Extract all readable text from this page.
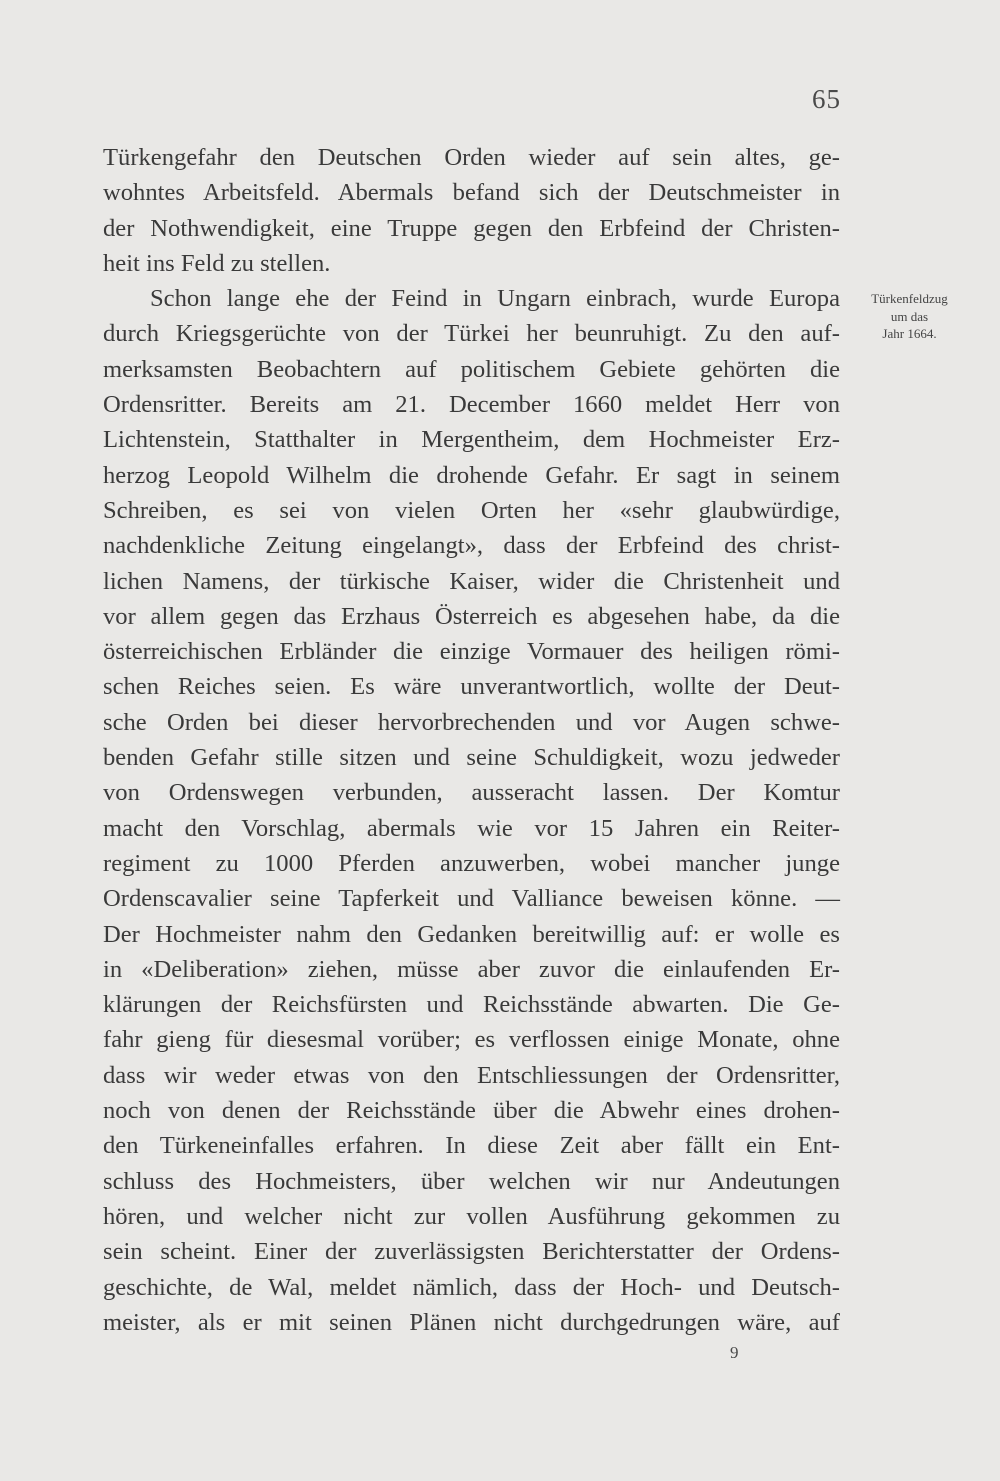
65
Türkenfeldzug
um das
Jahr 1664.
Türkengefahr den Deutschen Orden wieder auf sein altes, ge-
wohntes Arbeitsfeld. Abermals befand sich der Deutschmeister in
der Nothwendigkeit, eine Truppe gegen den Erbfeind der Christen-
heit ins Feld zu stellen.
Schon lange ehe der Feind in Ungarn einbrach, wurde Europa
durch Kriegsgerüchte von der Türkei her beunruhigt. Zu den auf-
merksamsten Beobachtern auf politischem Gebiete gehörten die
Ordensritter. Bereits am 21. December 1660 meldet Herr von
Lichtenstein, Statthalter in Mergentheim, dem Hochmeister Erz-
herzog Leopold Wilhelm die drohende Gefahr. Er sagt in seinem
Schreiben, es sei von vielen Orten her «sehr glaubwürdige,
nachdenkliche Zeitung eingelangt», dass der Erbfeind des christ-
lichen Namens, der türkische Kaiser, wider die Christenheit und
vor allem gegen das Erzhaus Österreich es abgesehen habe, da die
österreichischen Erbländer die einzige Vormauer des heiligen römi-
schen Reiches seien. Es wäre unverantwortlich, wollte der Deut-
sche Orden bei dieser hervorbrechenden und vor Augen schwe-
benden Gefahr stille sitzen und seine Schuldigkeit, wozu jedweder
von Ordenswegen verbunden, ausseracht lassen. Der Komtur
macht den Vorschlag, abermals wie vor 15 Jahren ein Reiter-
regiment zu 1000 Pferden anzuwerben, wobei mancher junge
Ordenscavalier seine Tapferkeit und Valliance beweisen könne. —
Der Hochmeister nahm den Gedanken bereitwillig auf: er wolle es
in «Deliberation» ziehen, müsse aber zuvor die einlaufenden Er-
klärungen der Reichsfürsten und Reichsstände abwarten. Die Ge-
fahr gieng für diesesmal vorüber; es verflossen einige Monate, ohne
dass wir weder etwas von den Entschliessungen der Ordensritter,
noch von denen der Reichsstände über die Abwehr eines drohen-
den Türkeneinfalles erfahren. In diese Zeit aber fällt ein Ent-
schluss des Hochmeisters, über welchen wir nur Andeutungen
hören, und welcher nicht zur vollen Ausführung gekommen zu
sein scheint. Einer der zuverlässigsten Berichterstatter der Ordens-
geschichte, de Wal, meldet nämlich, dass der Hoch- und Deutsch-
meister, als er mit seinen Plänen nicht durchgedrungen wäre, auf
9
